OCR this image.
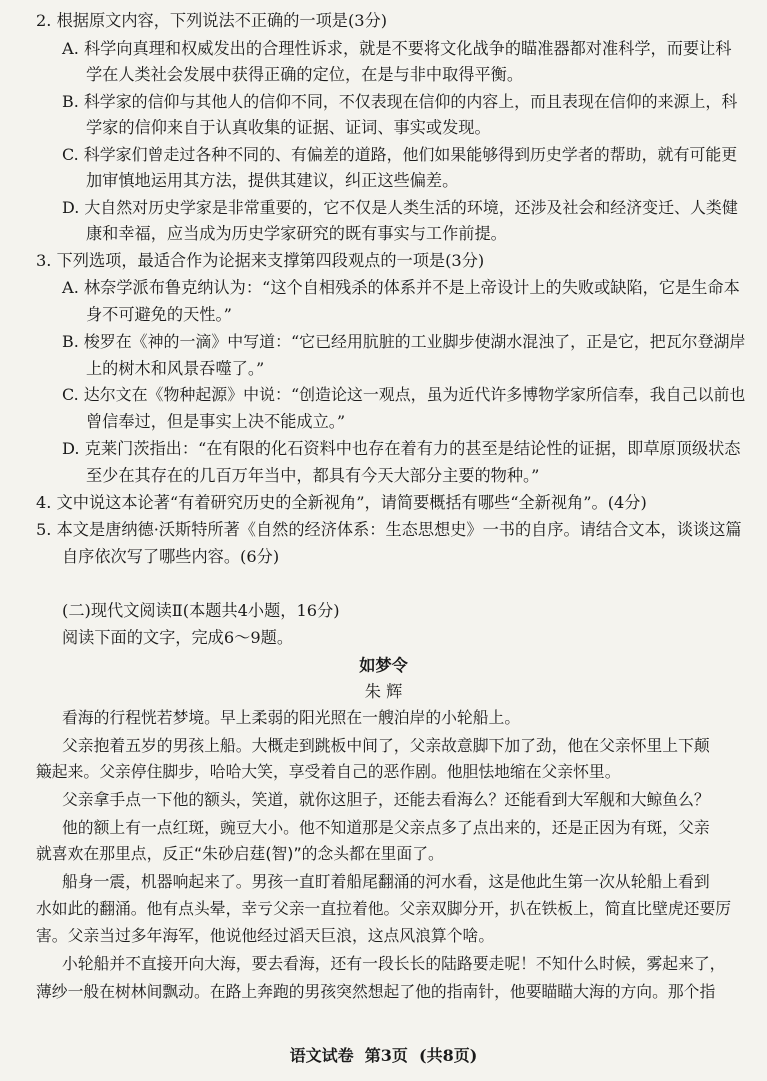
2. 根据原文内容，下列说法不正确的一项是(3分)
A. 科学向真理和权威发出的合理性诉求，就是不要将文化战争的瞄准器都对准科学，而要让科
学在人类社会发展中获得正确的定位，在是与非中取得平衡。
B. 科学家的信仰与其他人的信仰不同，不仅表现在信仰的内容上，而且表现在信仰的来源上，科
学家的信仰来自于认真收集的证据、证词、事实或发现。
C. 科学家们曾走过各种不同的、有偏差的道路，他们如果能够得到历史学者的帮助，就有可能更
加审慎地运用其方法，提供其建议，纠正这些偏差。
D. 大自然对历史学家是非常重要的，它不仅是人类生活的环境，还涉及社会和经济变迁、人类健
康和幸福，应当成为历史学家研究的既有事实与工作前提。
3. 下列选项，最适合作为论据来支撑第四段观点的一项是(3分)
A. 林奈学派布鲁克纳认为：“这个自相残杀的体系并不是上帝设计上的失败或缺陷，它是生命本
身不可避免的天性。”
B. 梭罗在《神的一滴》中写道：“它已经用肮脏的工业脚步使湖水混浊了，正是它，把瓦尔登湖岸
上的树木和风景吞噬了。”
C. 达尔文在《物种起源》中说：“创造论这一观点，虽为近代许多博物学家所信奉，我自己以前也
曾信奉过，但是事实上决不能成立。”
D. 克莱门茨指出：“在有限的化石资料中也存在着有力的甚至是结论性的证据，即草原顶级状态
至少在其存在的几百万年当中，都具有今天大部分主要的物种。”
4. 文中说这本论著“有着研究历史的全新视角”，请简要概括有哪些“全新视角”。(4分)
5. 本文是唐纳德·沃斯特所著《自然的经济体系：生态思想史》一书的自序。请结合文本，谈谈这篇
自序依次写了哪些内容。(6分)
(二)现代文阅读Ⅱ(本题共4小题，16分)
阅读下面的文字，完成6～9题。
如梦令
朱 辉
看海的行程恍若梦境。早上柔弱的阳光照在一艘泊岸的小轮船上。
父亲抱着五岁的男孩上船。大概走到跳板中间了，父亲故意脚下加了劲，他在父亲怀里上下颠
簸起来。父亲停住脚步，哈哈大笑，享受着自己的恶作剧。他胆怯地缩在父亲怀里。
父亲拿手点一下他的额头，笑道，就你这胆子，还能去看海么？还能看到大军舰和大鲸鱼么？
他的额上有一点红斑，豌豆大小。他不知道那是父亲点多了点出来的，还是正因为有斑，父亲
就喜欢在那里点，反正“朱砂启莛(智)”的念头都在里面了。
船身一震，机器响起来了。男孩一直盯着船尾翻涌的河水看，这是他此生第一次从轮船上看到
水如此的翻涌。他有点头晕，幸亏父亲一直拉着他。父亲双脚分开，扒在铁板上，简直比壁虎还要厉
害。父亲当过多年海军，他说他经过滔天巨浪，这点风浪算个啥。
小轮船并不直接开向大海，要去看海，还有一段长长的陆路要走呢！不知什么时候，雾起来了，
薄纱一般在树林间飘动。在路上奔跑的男孩突然想起了他的指南针，他要瞄瞄大海的方向。那个指
语文试卷  第3页  (共8页)
